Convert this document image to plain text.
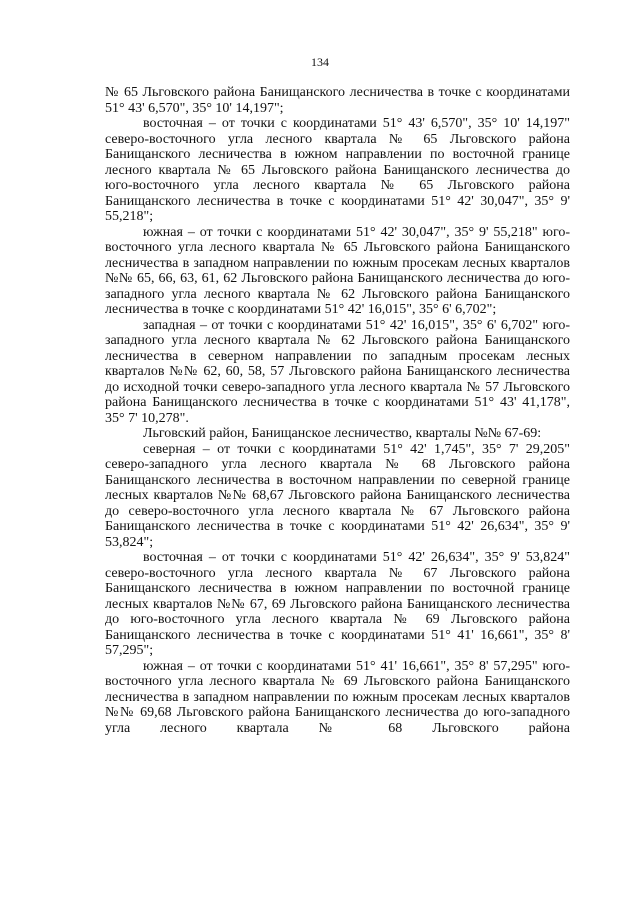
134

№ 65 Льговского района Банищанского лесничества в точке с координатами 51° 43' 6,570", 35° 10' 14,197";

восточная – от точки с координатами 51° 43' 6,570", 35° 10' 14,197" северо-восточного угла лесного квартала № 65 Льговского района Банищанского лесничества в южном направлении по восточной границе лесного квартала № 65 Льговского района Банищанского лесничества до юго-восточного угла лесного квартала № 65 Льговского района Банищанского лесничества в точке с координатами 51° 42' 30,047", 35° 9' 55,218";

южная – от точки с координатами 51° 42' 30,047", 35° 9' 55,218" юго-восточного угла лесного квартала № 65 Льговского района Банищанского лесничества в западном направлении по южным просекам лесных кварталов №№ 65, 66, 63, 61, 62 Льговского района Банищанского лесничества до юго-западного угла лесного квартала № 62 Льговского района Банищанского лесничества в точке с координатами 51° 42' 16,015", 35° 6' 6,702";

западная – от точки с координатами 51° 42' 16,015", 35° 6' 6,702" юго-западного угла лесного квартала № 62 Льговского района Банищанского лесничества в северном направлении по западным просекам лесных кварталов №№ 62, 60, 58, 57 Льговского района Банищанского лесничества до исходной точки северо-западного угла лесного квартала № 57 Льговского района Банищанского лесничества в точке с координатами 51° 43' 41,178", 35° 7' 10,278".

Льговский район, Банищанское лесничество, кварталы №№ 67-69:

северная – от точки с координатами 51° 42' 1,745", 35° 7' 29,205" северо-западного угла лесного квартала № 68 Льговского района Банищанского лесничества в восточном направлении по северной границе лесных кварталов №№ 68,67 Льговского района Банищанского лесничества до северо-восточного угла лесного квартала № 67 Льговского района Банищанского лесничества в точке с координатами 51° 42' 26,634", 35° 9' 53,824";

восточная – от точки с координатами 51° 42' 26,634", 35° 9' 53,824" северо-восточного угла лесного квартала № 67 Льговского района Банищанского лесничества в южном направлении по восточной границе лесных кварталов №№ 67, 69 Льговского района Банищанского лесничества до юго-восточного угла лесного квартала № 69 Льговского района Банищанского лесничества в точке с координатами 51° 41' 16,661", 35° 8' 57,295";

южная – от точки с координатами 51° 41' 16,661", 35° 8' 57,295" юго-восточного угла лесного квартала № 69 Льговского района Банищанского лесничества в западном направлении по южным просекам лесных кварталов №№ 69,68 Льговского района Банищанского лесничества до юго-западного угла лесного квартала № 68 Льговского района
